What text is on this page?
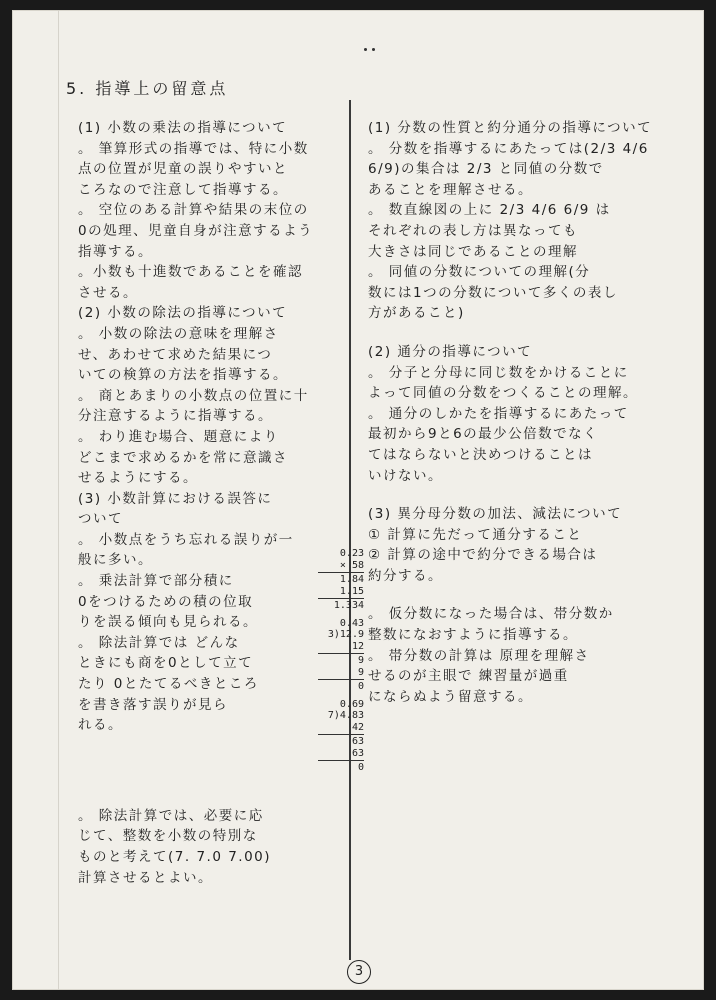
5. 指導上の留意点
(1) 小数の乗法の指導について
。 筆算形式の指導では、特に小数
点の位置が児童の誤りやすいと
ころなので注意して指導する。
。 空位のある計算や結果の末位の
0の処理、児童自身が注意するよう
指導する。
。小数も十進数であることを確認
させる。
(2) 小数の除法の指導について
。 小数の除法の意味を理解さ
せ、あわせて求めた結果につ
いての検算の方法を指導する。
。 商とあまりの小数点の位置に十
分注意するように指導する。
。 わり進む場合、題意により
どこまで求めるかを常に意識さ
せるようにする。
(3) 小数計算における誤答に
ついて
。 小数点をうち忘れる誤りが一
般に多い。
。 乗法計算で部分積に
0をつけるための積の位取
りを誤る傾向も見られる。
。 除法計算では どんな
ときにも商を0として立て
たり 0とたてるべきところ
を書き落す誤りが見ら
れる。
。 除法計算では、必要に応
じて、整数を小数の特別な
ものと考えて(7. 7.0 7.00)
計算させるとよい。
0.23
× 58
1.84
1.15
1.334
0.43
3)12.9
12
9
9
0
0.69
7)4.83
42
63
63
0
(1) 分数の性質と約分通分の指導について
。 分数を指導するにあたっては(2/3 4/6
6/9)の集合は 2/3 と同値の分数で
あることを理解させる。
。 数直線図の上に 2/3 4/6 6/9 は
それぞれの表し方は異なっても
大きさは同じであることの理解
。 同値の分数についての理解(分
数には1つの分数について多くの表し
方があること)
(2) 通分の指導について
。 分子と分母に同じ数をかけることに
よって同値の分数をつくることの理解。
。 通分のしかたを指導するにあたって
最初から9と6の最少公倍数でなく
てはならないと決めつけることは
いけない。
(3) 異分母分数の加法、減法について
① 計算に先だって通分すること
② 計算の途中で約分できる場合は
約分する。
。 仮分数になった場合は、帯分数か
整数になおすように指導する。
。 帯分数の計算は 原理を理解さ
せるのが主眼で 練習量が過重
にならぬよう留意する。
3
